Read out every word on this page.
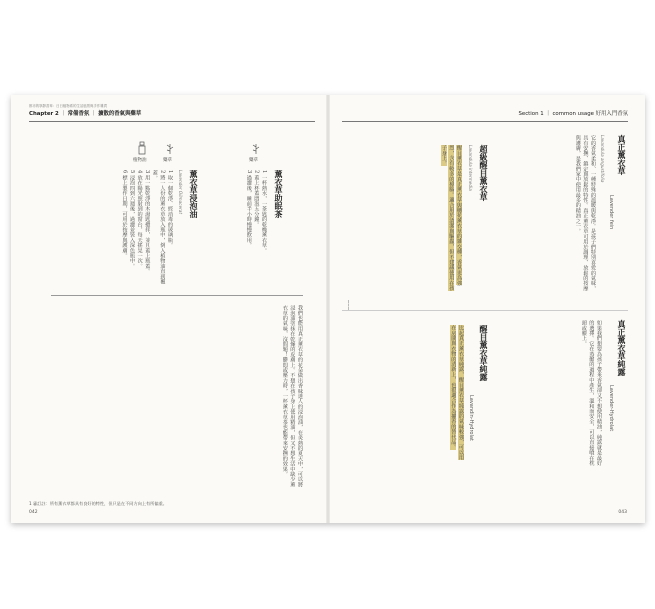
都市的寧靜香草：日日植物系的生活風景與手作雜貨
Chapter 2 ｜ 常備香氛 ｜ 擴散的香氣與藥草
植物油	藥草	藥草
薰衣草助眠茶
1 一杯熱水，一茶匙的乾燥薰衣草。
2 蓋上杯蓋悶泡五分鐘。
3 過濾後，睡前半小時慢慢飲用。
薰衣草浸泡油
Lavender Oilmacerat
1 取一個乾淨、經消毒的玻璃瓶。
2 將一人份的薰衣草放入瓶中，倒入植物油直到覆蓋。
3 用一點乾淨的木湯匙攪拌，並且蓋上瓶蓋。
4 放在陽光照射到的窗台，每天搖晃一次。
5 浸泡四到六週後，過濾並裝入深色瓶中。
6 標上製作日期，可用於按摩與護膚。
我們也能用真正薰衣草的花朵做出香味迷人的浸泡油，在炎熱的夏天中，可以將浸泡油塗抹在乾燥的皮膚上。不想在孩子身上使用精油，但又不想生活中缺少薰衣草的氣味，沒問題！鬱悶或壓力時，一杯薰衣草茶也能帶來安撫的效果。
1 審訂註：所有薰衣草都具有良好的特性，但只是在不同方向上有所偏重。
042
Section 1 ｜ common usage 好用入門香氛
真正薰衣草
Lavender fein
Lavandula angustifolia
它的香氣柔和、一種特殊的溫暖與乾淨。是孩子們特別喜愛的氣味，具有安撫、鎮定與放鬆的特性。真正薰衣草可用於調理、放鬆的按摩與護膚，是我們家中使用最多的精油之一。
超級醒目薰衣草
Lavandula intermedia
醒目薰衣草是真正薰衣草與穗花薰衣草的雜交種，香氣更為強烈，含有較多的樟腦。適合用於清潔與驅蟲，但不建議使用在孩子身上。
真正薰衣草純露
Lavender-Hydrolat
如果我們想要為孩子帶來香氣卻又不想使用精油，純露就是最好的選擇。它在蒸餾的過程中產生，溫和而安全，可以直接噴在枕頭或臉上。
醒目薰衣草純露
Lavandin-Hydrolat
比起真正薰衣草純露，醒目薰衣草純露的氣味較強，可以用在房間與衣物的清新上，也很適合作為擴香的替代品。
043
